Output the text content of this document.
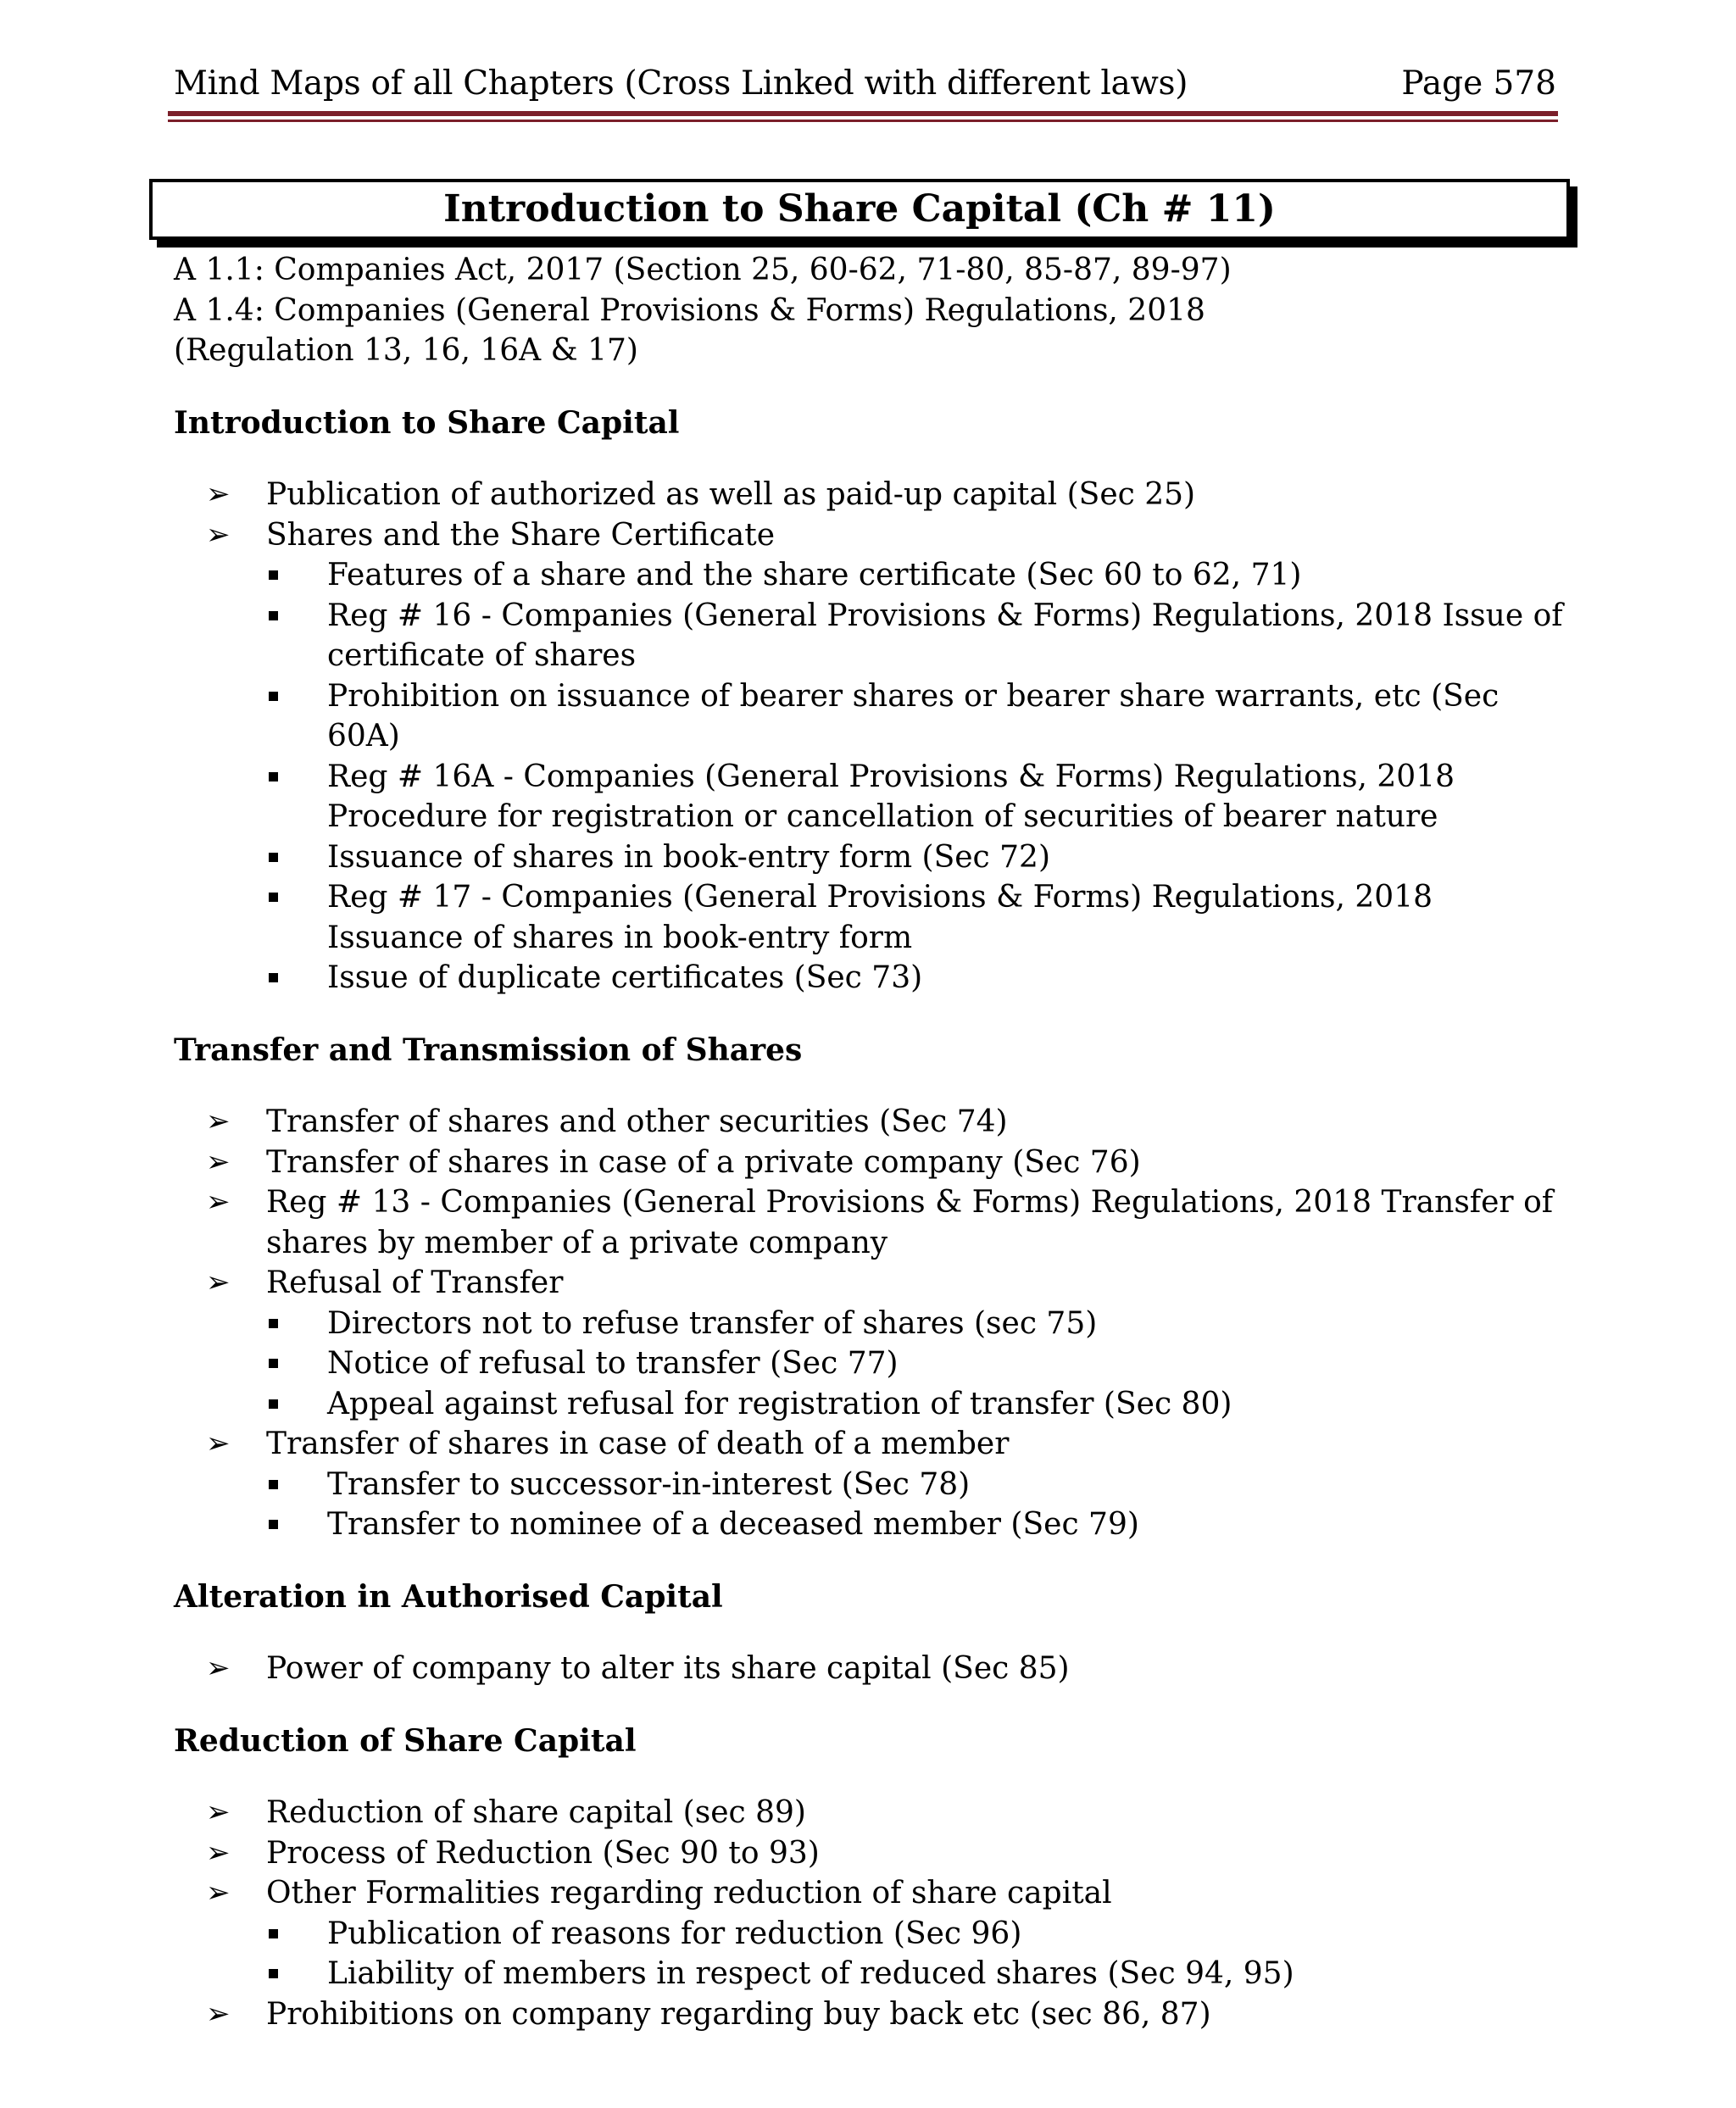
Mind Maps of all Chapters (Cross Linked with different laws)	Page 578
Introduction to Share Capital (Ch # 11)
A 1.1: Companies Act, 2017 (Section 25, 60-62, 71-80, 85-87, 89-97)
A 1.4: Companies (General Provisions & Forms) Regulations, 2018
(Regulation 13, 16, 16A & 17)
Introduction to Share Capital
➢ Publication of authorized as well as paid-up capital (Sec 25)
➢ Shares and the Share Certificate
Features of a share and the share certificate (Sec 60 to 62, 71)
Reg # 16 - Companies (General Provisions & Forms) Regulations, 2018 Issue of certificate of shares
Prohibition on issuance of bearer shares or bearer share warrants, etc (Sec 60A)
Reg # 16A - Companies (General Provisions & Forms) Regulations, 2018 Procedure for registration or cancellation of securities of bearer nature
Issuance of shares in book-entry form (Sec 72)
Reg # 17 - Companies (General Provisions & Forms) Regulations, 2018 Issuance of shares in book-entry form
Issue of duplicate certificates (Sec 73)
Transfer and Transmission of Shares
➢ Transfer of shares and other securities (Sec 74)
➢ Transfer of shares in case of a private company (Sec 76)
➢ Reg # 13 - Companies (General Provisions & Forms) Regulations, 2018 Transfer of shares by member of a private company
➢ Refusal of Transfer
Directors not to refuse transfer of shares (sec 75)
Notice of refusal to transfer (Sec 77)
Appeal against refusal for registration of transfer (Sec 80)
➢ Transfer of shares in case of death of a member
Transfer to successor-in-interest (Sec 78)
Transfer to nominee of a deceased member (Sec 79)
Alteration in Authorised Capital
➢ Power of company to alter its share capital (Sec 85)
Reduction of Share Capital
➢ Reduction of share capital (sec 89)
➢ Process of Reduction (Sec 90 to 93)
➢ Other Formalities regarding reduction of share capital
Publication of reasons for reduction (Sec 96)
Liability of members in respect of reduced shares (Sec 94, 95)
➢ Prohibitions on company regarding buy back etc (sec 86, 87)
